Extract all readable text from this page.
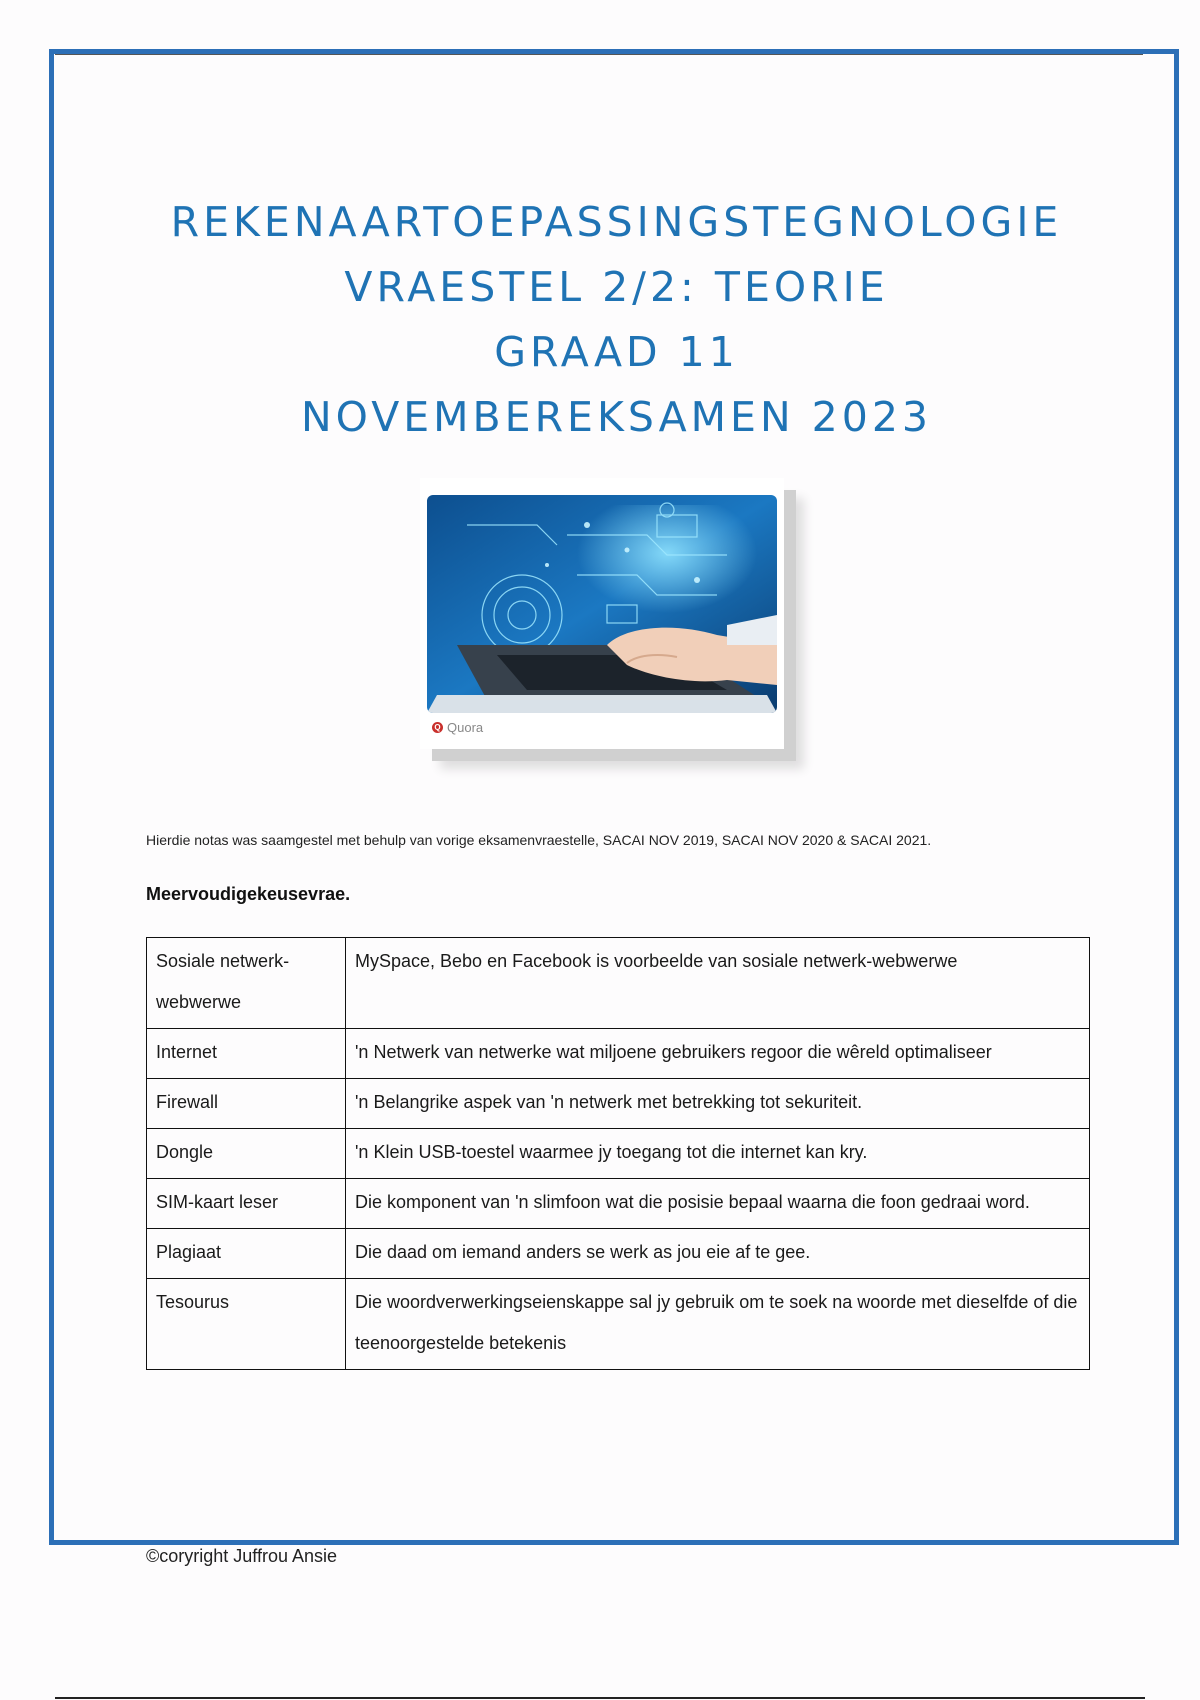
REKENAARTOEPASSINGSTEGNOLOGIE
VRAESTEL 2/2: TEORIE
GRAAD 11
NOVEMBEREKSAMEN 2023
Q Quora
Hierdie notas was saamgestel met behulp van vorige eksamenvraestelle, SACAI NOV 2019, SACAI NOV 2020 & SACAI 2021.
Meervoudigekeusevrae.
Sosiale netwerk-webwerwe	MySpace, Bebo en Facebook is voorbeelde van sosiale netwerk-webwerwe
Internet	'n Netwerk van netwerke wat miljoene gebruikers regoor die wêreld optimaliseer
Firewall	'n Belangrike aspek van 'n netwerk met betrekking tot sekuriteit.
Dongle	'n Klein USB-toestel waarmee jy toegang tot die internet kan kry.
SIM-kaart leser	Die komponent van 'n slimfoon wat die posisie bepaal waarna die foon gedraai word.
Plagiaat	Die daad om iemand anders se werk as jou eie af te gee.
Tesourus	Die woordverwerkingseienskappe sal jy gebruik om te soek na woorde met dieselfde of die teenoorgestelde betekenis
©coryright Juffrou Ansie
